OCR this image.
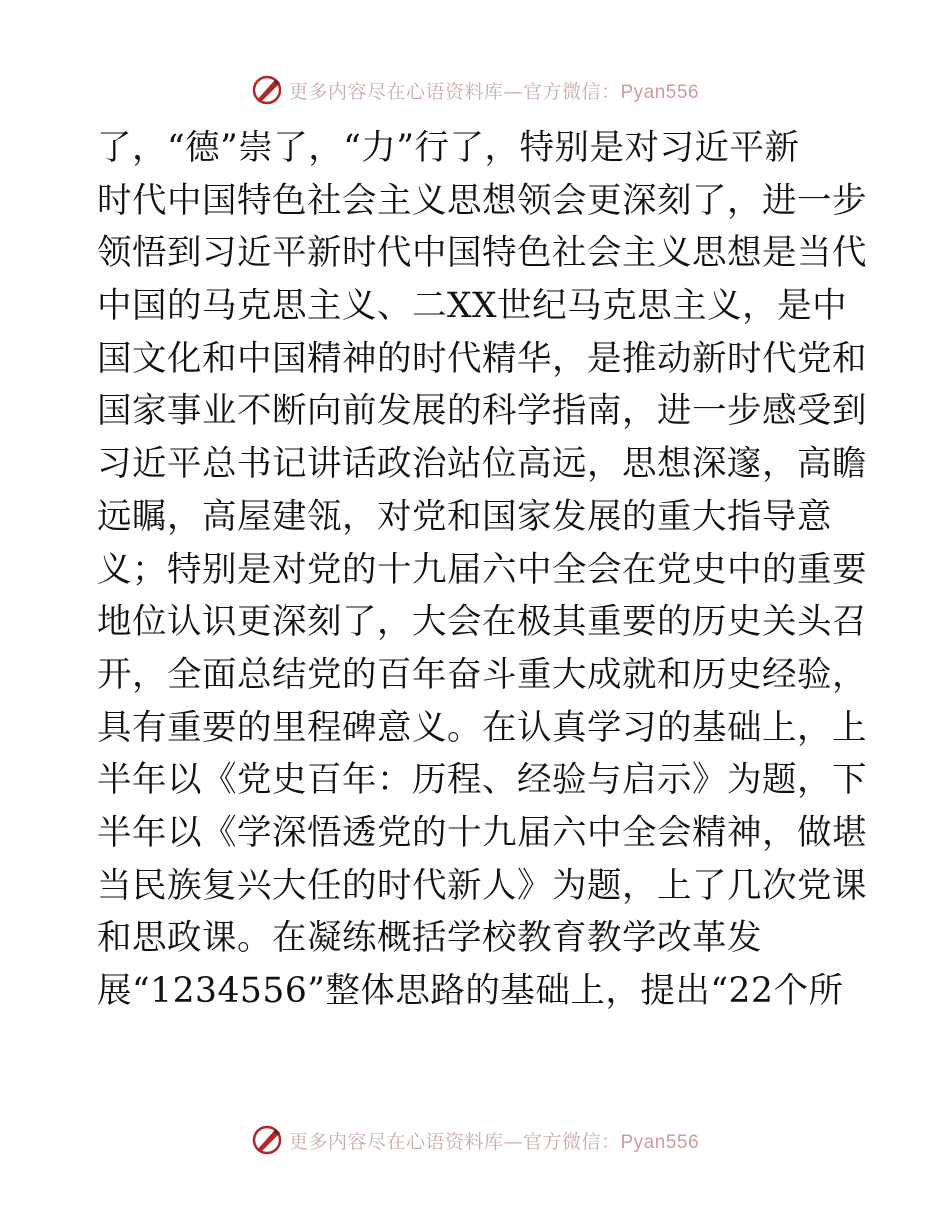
更多内容尽在心语资料库—官方微信：Pyan556
了，“德”崇了，“力”行了，特别是对习近平新
时代中国特色社会主义思想领会更深刻了，进一步
领悟到习近平新时代中国特色社会主义思想是当代
中国的马克思主义、二XX世纪马克思主义，是中
国文化和中国精神的时代精华，是推动新时代党和
国家事业不断向前发展的科学指南，进一步感受到
习近平总书记讲话政治站位高远，思想深邃，高瞻
远瞩，高屋建瓴，对党和国家发展的重大指导意
义；特别是对党的十九届六中全会在党史中的重要
地位认识更深刻了，大会在极其重要的历史关头召
开，全面总结党的百年奋斗重大成就和历史经验，
具有重要的里程碑意义。在认真学习的基础上，上
半年以《党史百年：历程、经验与启示》为题，下
半年以《学深悟透党的十九届六中全会精神，做堪
当民族复兴大任的时代新人》为题，上了几次党课
和思政课。在凝练概括学校教育教学改革发
展“1234556”整体思路的基础上，提出“22个所
更多内容尽在心语资料库—官方微信：Pyan556
